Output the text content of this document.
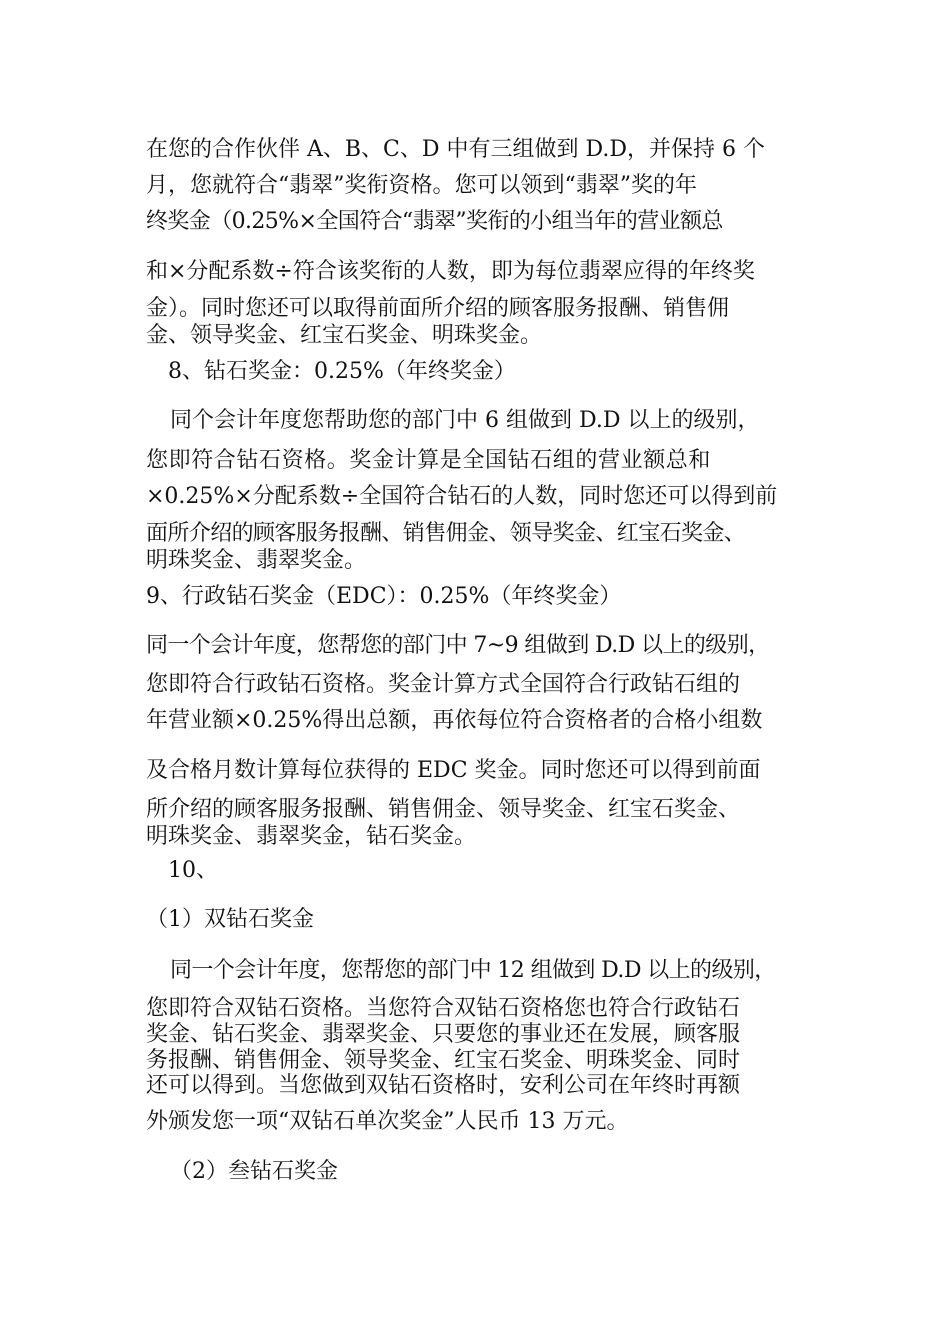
在您的合作伙伴 A、B、C、D 中有三组做到 D.D，并保持 6 个
月，您就符合“翡翠”奖衔资格。您可以领到“翡翠”奖的年
终奖金（0.25%×全国符合“翡翠”奖衔的小组当年的营业额总
和×分配系数÷符合该奖衔的人数，即为每位翡翠应得的年终奖
金）。同时您还可以取得前面所介绍的顾客服务报酬、销售佣
金、领导奖金、红宝石奖金、明珠奖金。
8、钻石奖金：0.25%（年终奖金）
同个会计年度您帮助您的部门中 6 组做到 D.D 以上的级别，
您即符合钻石资格。奖金计算是全国钻石组的营业额总和
×0.25%×分配系数÷全国符合钻石的人数，同时您还可以得到前
面所介绍的顾客服务报酬、销售佣金、领导奖金、红宝石奖金、
明珠奖金、翡翠奖金。
9、行政钻石奖金（EDC）：0.25%（年终奖金）
同一个会计年度，您帮您的部门中 7~9 组做到 D.D 以上的级别，
您即符合行政钻石资格。奖金计算方式全国符合行政钻石组的
年营业额×0.25%得出总额，再依每位符合资格者的合格小组数
及合格月数计算每位获得的 EDC 奖金。同时您还可以得到前面
所介绍的顾客服务报酬、销售佣金、领导奖金、红宝石奖金、
明珠奖金、翡翠奖金，钻石奖金。
10、
（1）双钻石奖金
同一个会计年度，您帮您的部门中 12 组做到 D.D 以上的级别，
您即符合双钻石资格。当您符合双钻石资格您也符合行政钻石
奖金、钻石奖金、翡翠奖金、只要您的事业还在发展，顾客服
务报酬、销售佣金、领导奖金、红宝石奖金、明珠奖金、同时
还可以得到。当您做到双钻石资格时，安利公司在年终时再额
外颁发您一项“双钻石单次奖金”人民币 13 万元。
（2）叁钻石奖金
